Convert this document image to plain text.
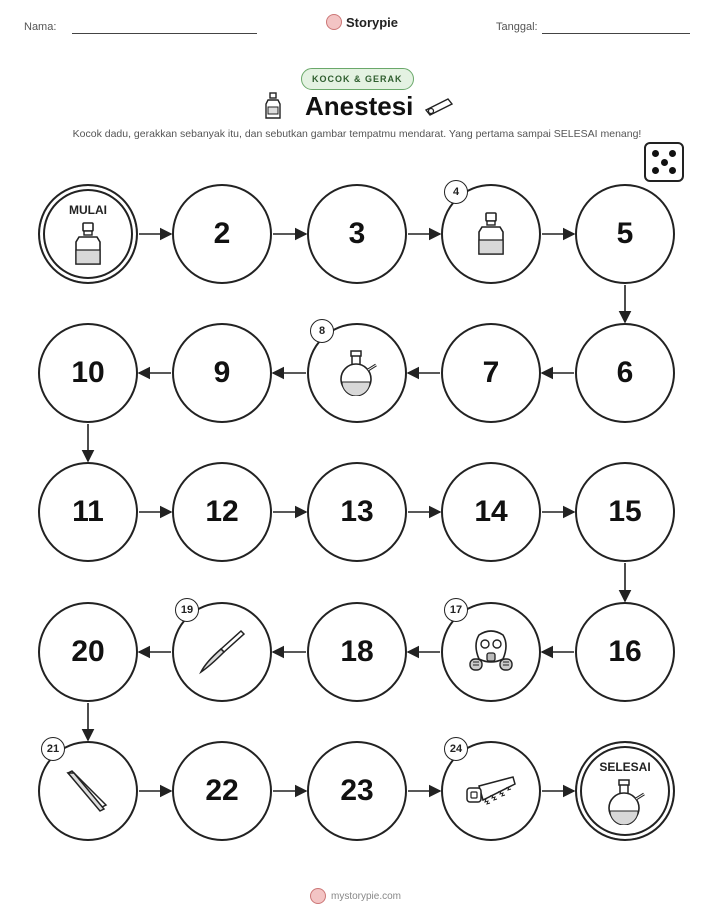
Nama:	Storypie	Tanggal:
KOCOK & GERAK
Anestesi
Kocok dadu, gerakkan sebanyak itu, dan sebutkan gambar tempatmu mendarat. Yang pertama sampai SELESAI menang!
MULAI
2	3
4
5
6
7
8
9
10
11	12	13	14	15
16
17
18
19
20
21
22	23
24
SELESAI
mystorypie.com
